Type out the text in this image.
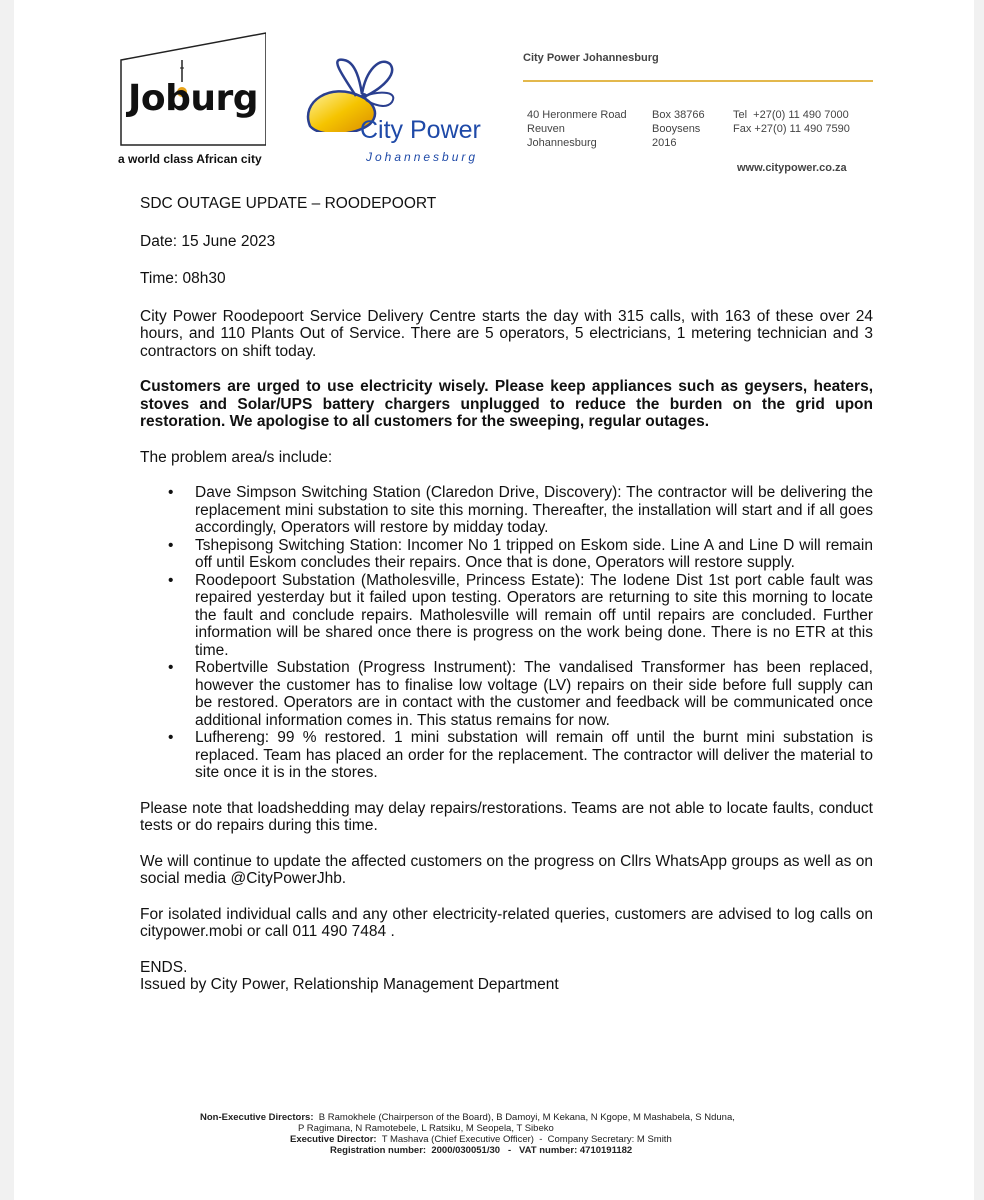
Joburg
a world class African city
City Power
Johannesburg
City Power Johannesburg
40 Heronmere Road
Reuven
Johannesburg
Box 38766
Booysens
2016
Tel  +27(0) 11 490 7000
Fax +27(0) 11 490 7590
www.citypower.co.za

SDC OUTAGE UPDATE – ROODEPOORT

Date: 15 June 2023

Time: 08h30

City Power Roodepoort Service Delivery Centre starts the day with 315 calls, with 163 of these over 24 hours, and 110 Plants Out of Service. There are 5 operators, 5 electricians, 1 metering technician and 3 contractors on shift today.

Customers are urged to use electricity wisely. Please keep appliances such as geysers, heaters, stoves and Solar/UPS battery chargers unplugged to reduce the burden on the grid upon restoration. We apologise to all customers for the sweeping, regular outages.

The problem area/s include:

• Dave Simpson Switching Station (Claredon Drive, Discovery): The contractor will be delivering the replacement mini substation to site this morning. Thereafter, the installation will start and if all goes accordingly, Operators will restore by midday today.
• Tshepisong Switching Station: Incomer No 1 tripped on Eskom side. Line A and Line D will remain off until Eskom concludes their repairs. Once that is done, Operators will restore supply.
• Roodepoort Substation (Matholesville, Princess Estate): The Iodene Dist 1st port cable fault was repaired yesterday but it failed upon testing. Operators are returning to site this morning to locate the fault and conclude repairs. Matholesville will remain off until repairs are concluded. Further information will be shared once there is progress on the work being done. There is no ETR at this time.
• Robertville Substation (Progress Instrument): The vandalised Transformer has been replaced, however the customer has to finalise low voltage (LV) repairs on their side before full supply can be restored. Operators are in contact with the customer and feedback will be communicated once additional information comes in. This status remains for now.
• Lufhereng: 99 % restored. 1 mini substation will remain off until the burnt mini substation is replaced. Team has placed an order for the replacement. The contractor will deliver the material to site once it is in the stores.

Please note that loadshedding may delay repairs/restorations. Teams are not able to locate faults, conduct tests or do repairs during this time.

We will continue to update the affected customers on the progress on Cllrs WhatsApp groups as well as on social media @CityPowerJhb.

For isolated individual calls and any other electricity-related queries, customers are advised to log calls on citypower.mobi or call 011 490 7484 .

ENDS.

Issued by City Power, Relationship Management Department

Non-Executive Directors: B Ramokhele (Chairperson of the Board), B Damoyi, M Kekana, N Kgope, M Mashabela, S Nduna,
P Ragimana, N Ramotebele, L Ratsiku, M Seopela, T Sibeko
Executive Director: T Mashava (Chief Executive Officer)  -  Company Secretary: M Smith
Registration number:  2000/030051/30   -   VAT number: 4710191182
